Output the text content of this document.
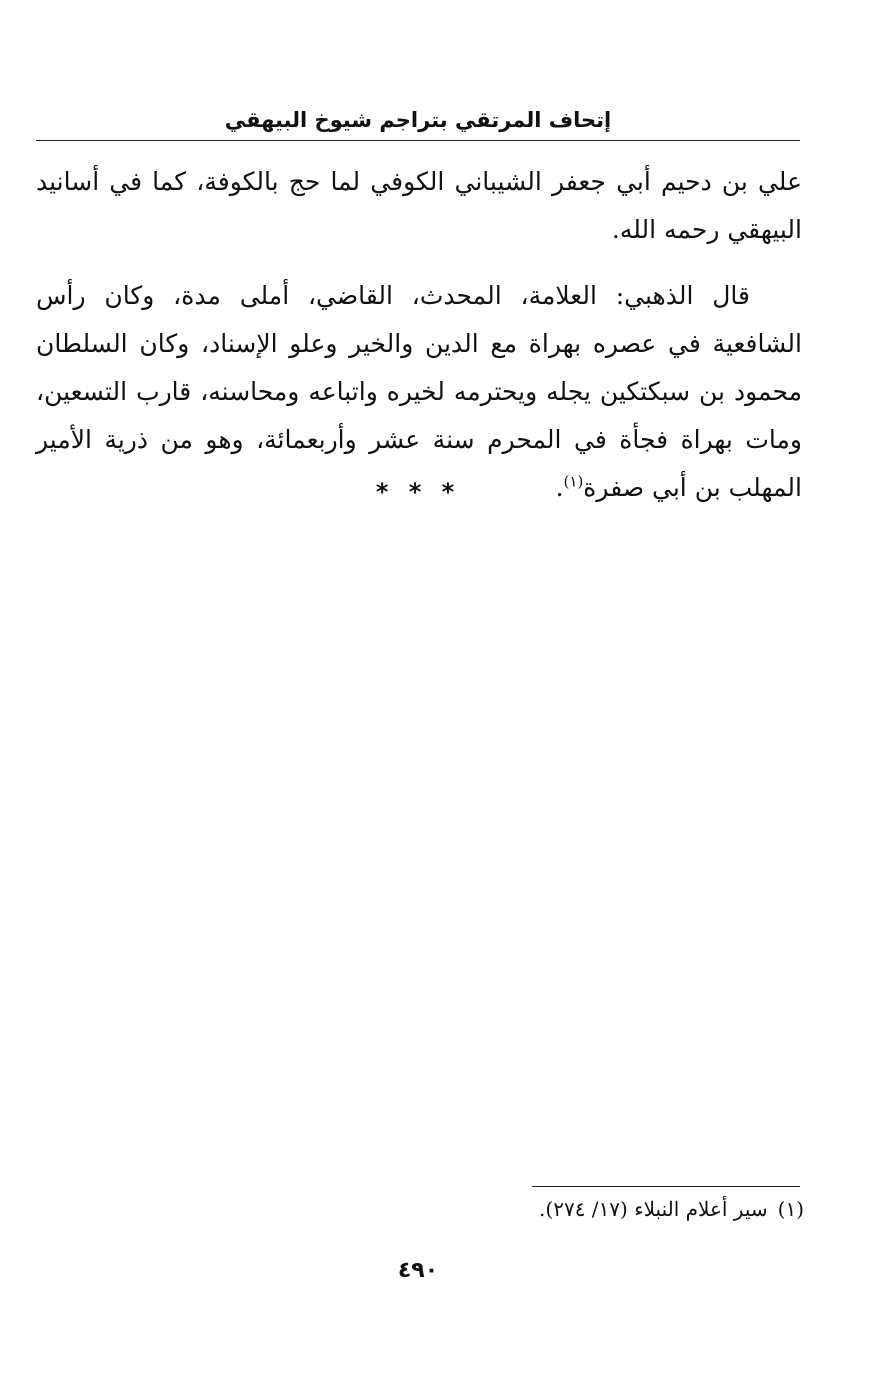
إتحاف المرتقي بتراجم شيوخ البيهقي

علي بن دحيم أبي جعفر الشيباني الكوفي لما حج بالكوفة، كما في أسانيد البيهقي رحمه الله.

قال الذهبي: العلامة، المحدث، القاضي، أملى مدة، وكان رأس الشافعية في عصره بهراة مع الدين والخير وعلو الإسناد، وكان السلطان محمود بن سبكتكين يجله ويحترمه لخيره واتباعه ومحاسنه، قارب التسعين، ومات بهراة فجأة في المحرم سنة عشر وأربعمائة، وهو من ذرية الأمير المهلب بن أبي صفرة$^{(١)}$.

* * *
(١)سير أعلام النبلاء (١٧/ ٢٧٤).
٤٩٠
